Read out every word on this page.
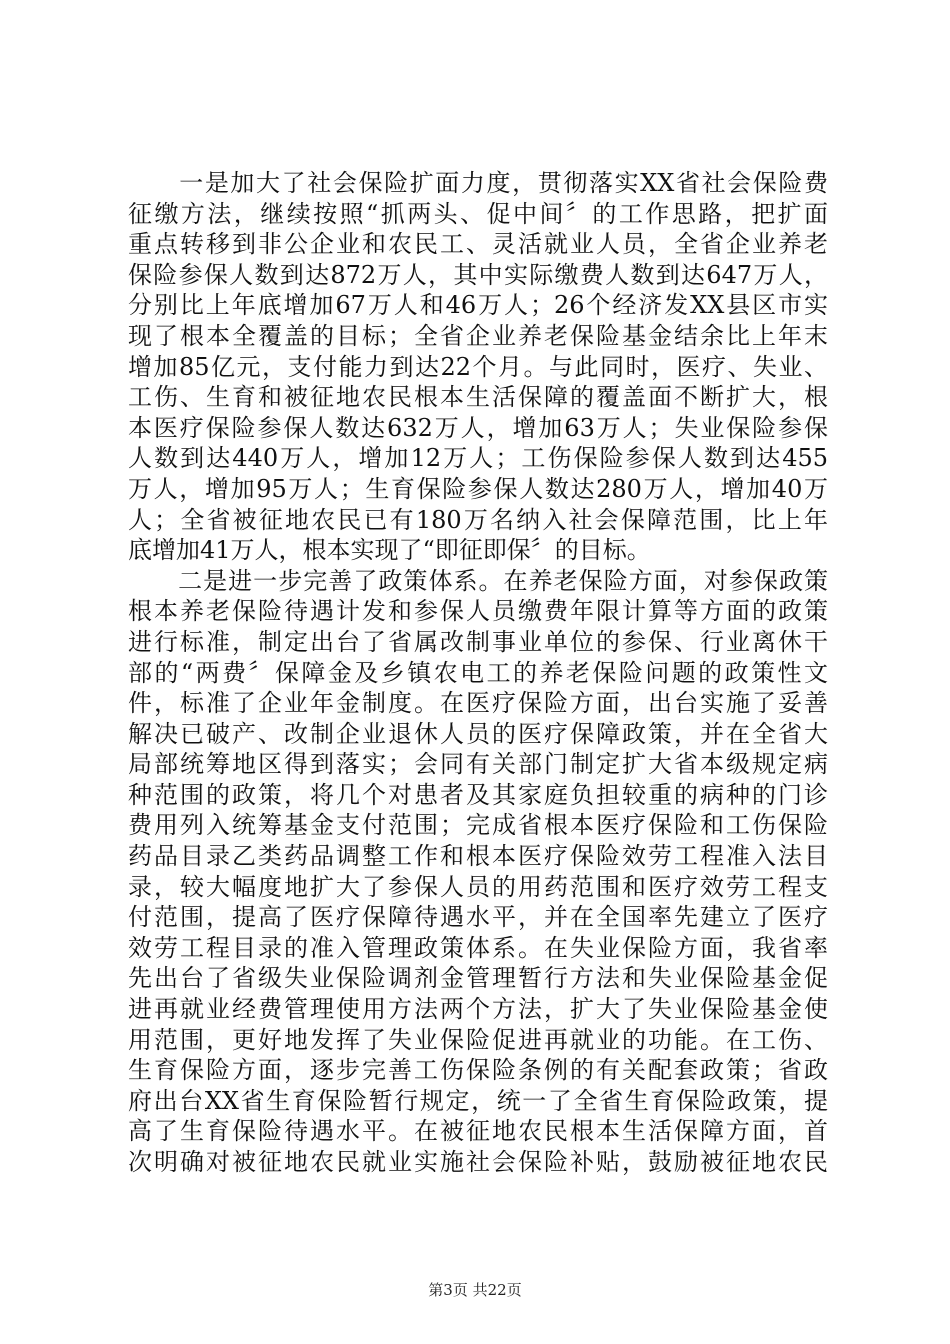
　　一是加大了社会保险扩面力度，贯彻落实XX省社会保险费
征缴方法，继续按照“抓两头、促中间〞的工作思路，把扩面
重点转移到非公企业和农民工、灵活就业人员，全省企业养老
保险参保人数到达872万人，其中实际缴费人数到达647万人，
分别比上年底增加67万人和46万人；26个经济发XX县区市实
现了根本全覆盖的目标；全省企业养老保险基金结余比上年末
增加85亿元，支付能力到达22个月。与此同时，医疗、失业、
工伤、生育和被征地农民根本生活保障的覆盖面不断扩大，根
本医疗保险参保人数达632万人，增加63万人；失业保险参保
人数到达440万人，增加12万人；工伤保险参保人数到达455
万人，增加95万人；生育保险参保人数达280万人，增加40万
人；全省被征地农民已有180万名纳入社会保障范围，比上年
底增加41万人，根本实现了“即征即保〞的目标。
　　二是进一步完善了政策体系。在养老保险方面，对参保政策
根本养老保险待遇计发和参保人员缴费年限计算等方面的政策
进行标准，制定出台了省属改制事业单位的参保、行业离休干
部的“两费〞保障金及乡镇农电工的养老保险问题的政策性文
件，标准了企业年金制度。在医疗保险方面，出台实施了妥善
解决已破产、改制企业退休人员的医疗保障政策，并在全省大
局部统筹地区得到落实；会同有关部门制定扩大省本级规定病
种范围的政策，将几个对患者及其家庭负担较重的病种的门诊
费用列入统筹基金支付范围；完成省根本医疗保险和工伤保险
药品目录乙类药品调整工作和根本医疗保险效劳工程准入法目
录，较大幅度地扩大了参保人员的用药范围和医疗效劳工程支
付范围，提高了医疗保障待遇水平，并在全国率先建立了医疗
效劳工程目录的准入管理政策体系。在失业保险方面，我省率
先出台了省级失业保险调剂金管理暂行方法和失业保险基金促
进再就业经费管理使用方法两个方法，扩大了失业保险基金使
用范围，更好地发挥了失业保险促进再就业的功能。在工伤、
生育保险方面，逐步完善工伤保险条例的有关配套政策；省政
府出台XX省生育保险暂行规定，统一了全省生育保险政策，提
高了生育保险待遇水平。在被征地农民根本生活保障方面，首
次明确对被征地农民就业实施社会保险补贴，鼓励被征地农民
第3页 共22页
